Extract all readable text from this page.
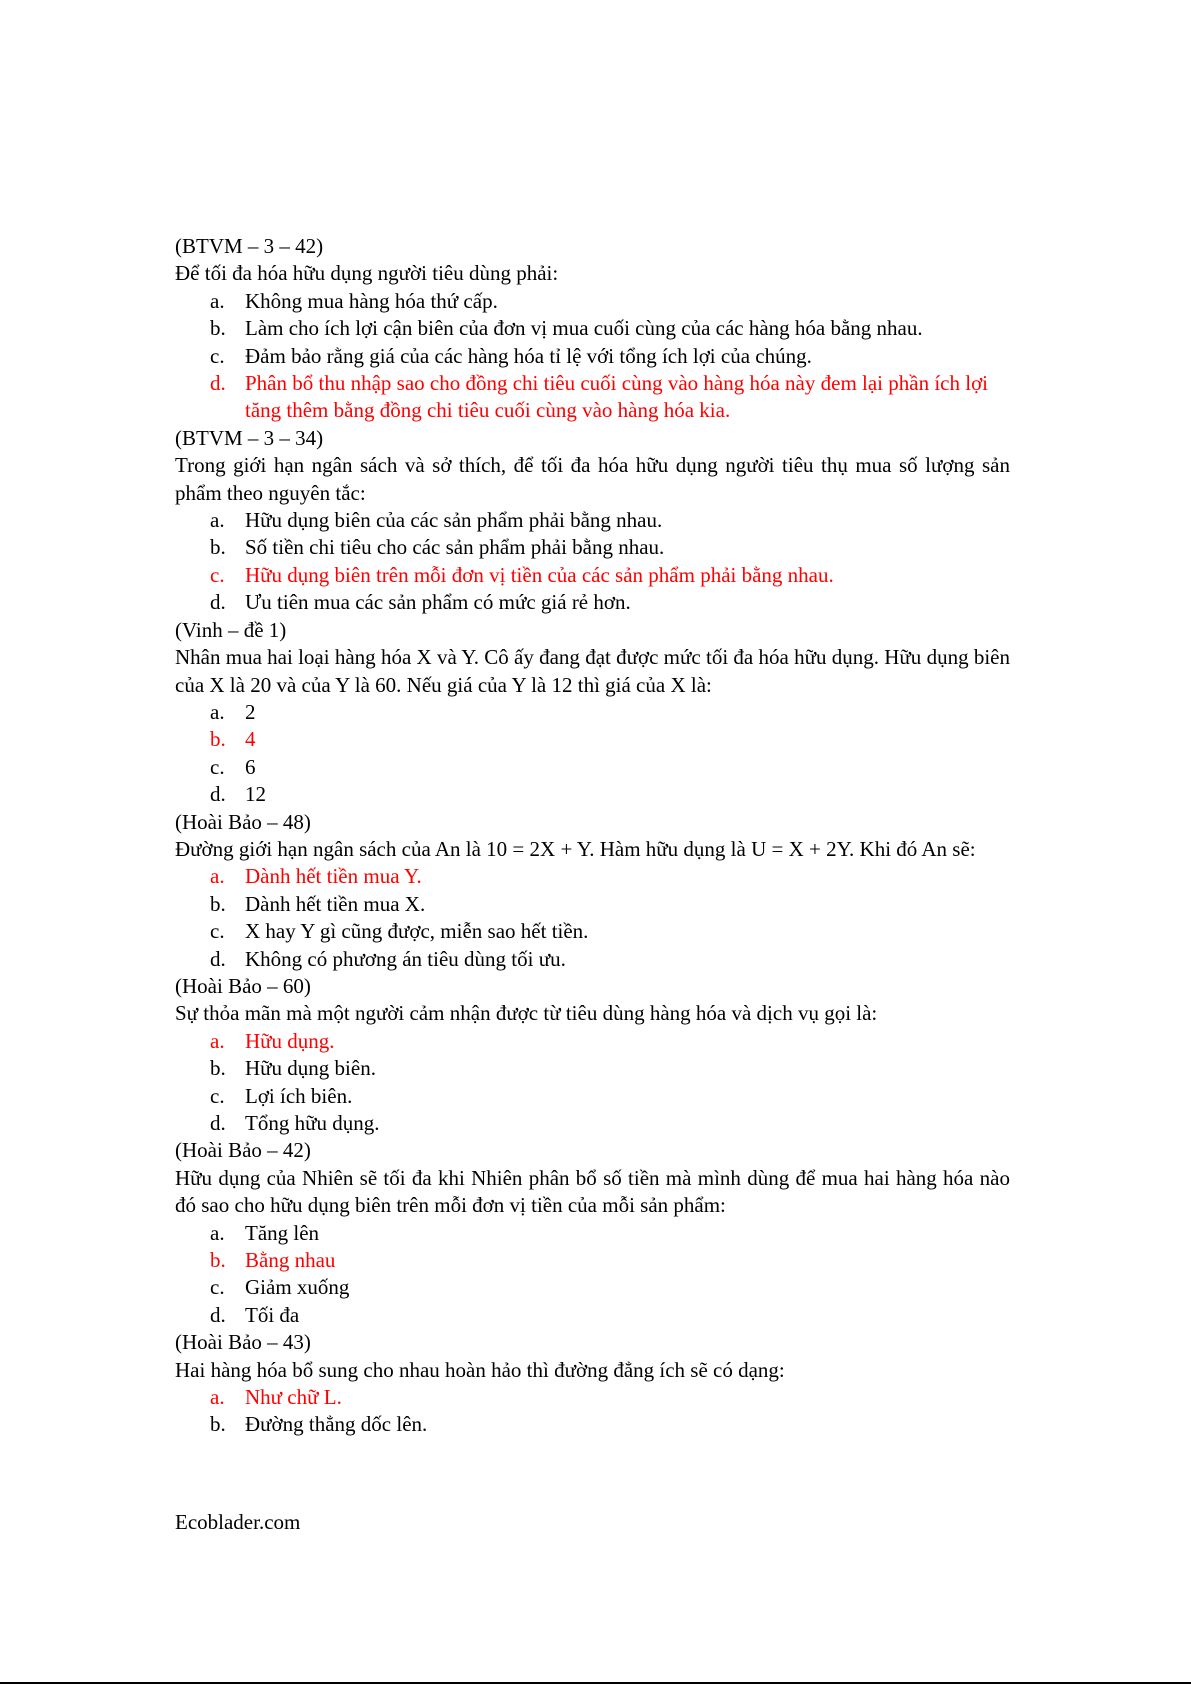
(BTVM – 3 – 42)

Để tối đa hóa hữu dụng người tiêu dùng phải:

a. Không mua hàng hóa thứ cấp.
b. Làm cho ích lợi cận biên của đơn vị mua cuối cùng của các hàng hóa bằng nhau.
c. Đảm bảo rằng giá của các hàng hóa tỉ lệ với tổng ích lợi của chúng.
d. Phân bổ thu nhập sao cho đồng chi tiêu cuối cùng vào hàng hóa này đem lại phần ích lợi tăng thêm bằng đồng chi tiêu cuối cùng vào hàng hóa kia.

(BTVM – 3 – 34)

Trong giới hạn ngân sách và sở thích, để tối đa hóa hữu dụng người tiêu thụ mua số lượng sản phẩm theo nguyên tắc:

a. Hữu dụng biên của các sản phẩm phải bằng nhau.
b. Số tiền chi tiêu cho các sản phẩm phải bằng nhau.
c. Hữu dụng biên trên mỗi đơn vị tiền của các sản phẩm phải bằng nhau.
d. Ưu tiên mua các sản phẩm có mức giá rẻ hơn.

(Vinh – đề 1)

Nhân mua hai loại hàng hóa X và Y. Cô ấy đang đạt được mức tối đa hóa hữu dụng. Hữu dụng biên của X là 20 và của Y là 60. Nếu giá của Y là 12 thì giá của X là:

a. 2
b. 4
c. 6
d. 12

(Hoài Bảo – 48)

Đường giới hạn ngân sách của An là 10 = 2X + Y. Hàm hữu dụng là U = X + 2Y. Khi đó An sẽ:

a. Dành hết tiền mua Y.
b. Dành hết tiền mua X.
c. X hay Y gì cũng được, miễn sao hết tiền.
d. Không có phương án tiêu dùng tối ưu.

(Hoài Bảo – 60)

Sự thỏa mãn mà một người cảm nhận được từ tiêu dùng hàng hóa và dịch vụ gọi là:

a. Hữu dụng.
b. Hữu dụng biên.
c. Lợi ích biên.
d. Tổng hữu dụng.

(Hoài Bảo – 42)

Hữu dụng của Nhiên sẽ tối đa khi Nhiên phân bổ số tiền mà mình dùng để mua hai hàng hóa nào đó sao cho hữu dụng biên trên mỗi đơn vị tiền của mỗi sản phẩm:

a. Tăng lên
b. Bằng nhau
c. Giảm xuống
d. Tối đa

(Hoài Bảo – 43)

Hai hàng hóa bổ sung cho nhau hoàn hảo thì đường đẳng ích sẽ có dạng:

a. Như chữ L.
b. Đường thẳng dốc lên.

Ecoblader.com
